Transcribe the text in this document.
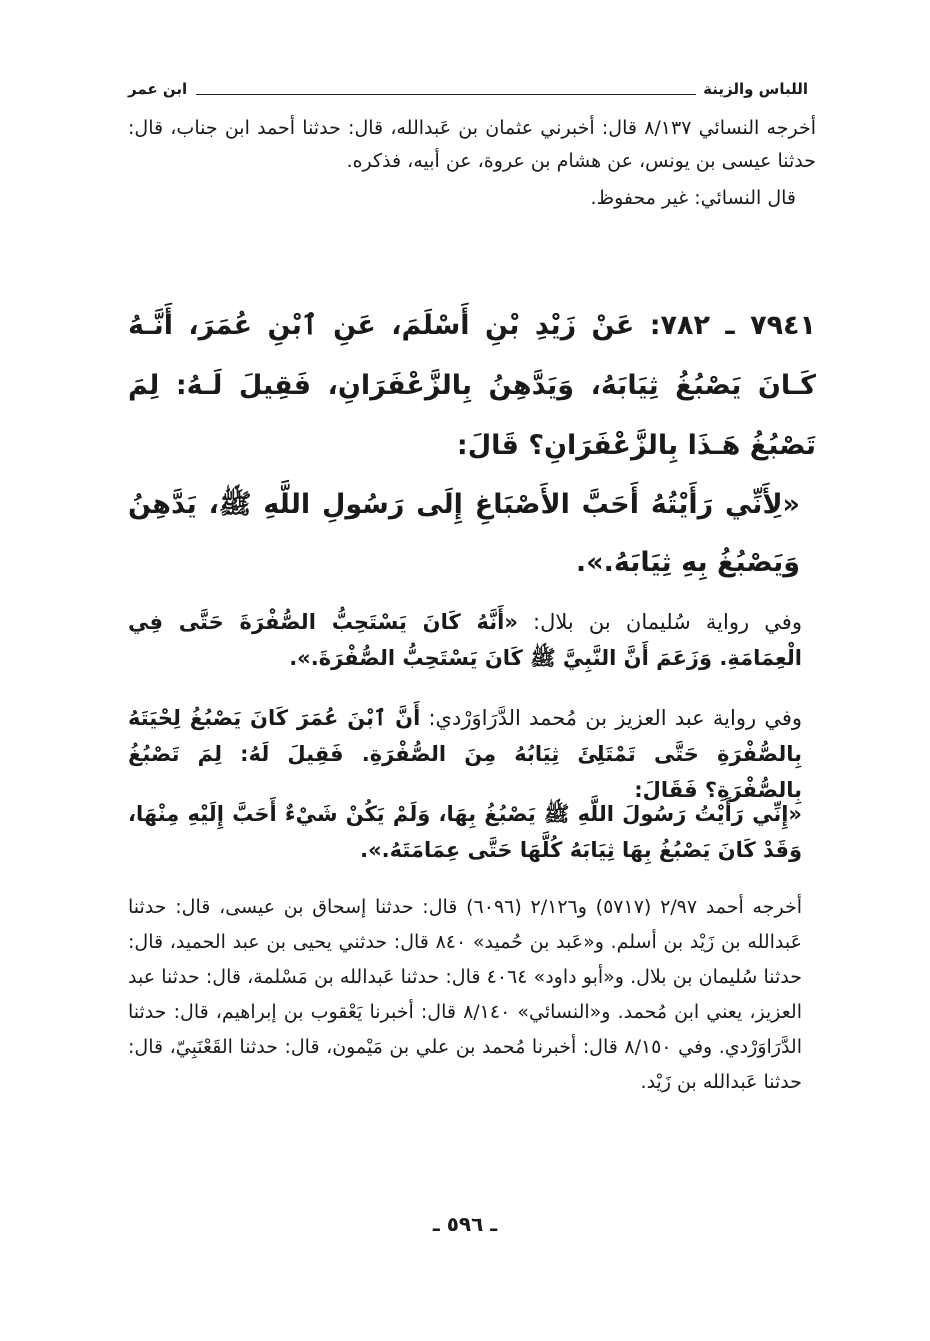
اللباس والزينة
ابن عمر

أخرجه النسائي ٨/١٣٧ قال: أخبرني عثمان بن عَبدالله، قال: حدثنا أحمد ابن جناب، قال: حدثنا عيسى بن يونس، عن هشام بن عروة، عن أبيه، فذكره.

قال النسائي: غير محفوظ.

٧٩٤١ ـ ٧٨٢: عَنْ زَيْدِ بْنِ أَسْلَمَ، عَنِ ٱبْنِ عُمَرَ، أَنَّـهُ كَـانَ يَصْبُغُ ثِيَابَهُ، وَيَدَّهِنُ بِالزَّعْفَرَانِ، فَقِيلَ لَـهُ: لِمَ تَصْبُغُ هَـذَا بِالزَّعْفَرَانِ؟ قَالَ:
«لِأَنِّي رَأَيْتُهُ أَحَبَّ الأَصْبَاغِ إِلَى رَسُولِ اللَّهِ ﷺ، يَدَّهِنُ وَيَصْبُغُ بِهِ ثِيَابَهُ.».
وفي رواية سُليمان بن بلال: «أَنَّهُ كَانَ يَسْتَحِبُّ الصُّفْرَةَ حَتَّى فِي الْعِمَامَةِ. وَزَعَمَ أَنَّ النَّبِيَّ ﷺ كَانَ يَسْتَحِبُّ الصُّفْرَةَ.».
وفي رواية عبد العزيز بن مُحمد الدَّرَاوَرْدي: أَنَّ ٱبْنَ عُمَرَ كَانَ يَصْبُغُ لِحْيَتَهُ بِالصُّفْرَةِ حَتَّى تَمْتَلِئَ ثِيَابُهُ مِنَ الصُّفْرَةِ. فَقِيلَ لَهُ: لِمَ تَصْبُغُ بِالصُّفْرَةِ؟ فَقَالَ:
«إِنِّي رَأَيْتُ رَسُولَ اللَّهِ ﷺ يَصْبُغُ بِهَا، وَلَمْ يَكُنْ شَيْءٌ أَحَبَّ إِلَيْهِ مِنْهَا، وَقَدْ كَانَ يَصْبُغُ بِهَا ثِيَابَهُ كُلَّهَا حَتَّى عِمَامَتَهُ.».

أخرجه أحمد ٢/٩٧ (٥٧١٧) و٢/١٢٦ (٦٠٩٦) قال: حدثنا إسحاق بن عيسى، قال: حدثنا عَبدالله بن زَيْد بن أسلم. و«عَبد بن حُميد» ٨٤٠ قال: حدثني يحيى بن عبد الحميد، قال: حدثنا سُليمان بن بلال. و«أبو داود» ٤٠٦٤ قال: حدثنا عَبدالله بن مَسْلمة، قال: حدثنا عبد العزيز، يعني ابن مُحمد. و«النسائي» ٨/١٤٠ قال: أخبرنا يَعْقوب بن إبراهيم، قال: حدثنا الدَّرَاوَرْدي. وفي ٨/١٥٠ قال: أخبرنا مُحمد بن علي بن مَيْمون، قال: حدثنا القَعْنَبِيّ، قال: حدثنا عَبدالله بن زَيْد.

ـ ٥٩٦ ـ
